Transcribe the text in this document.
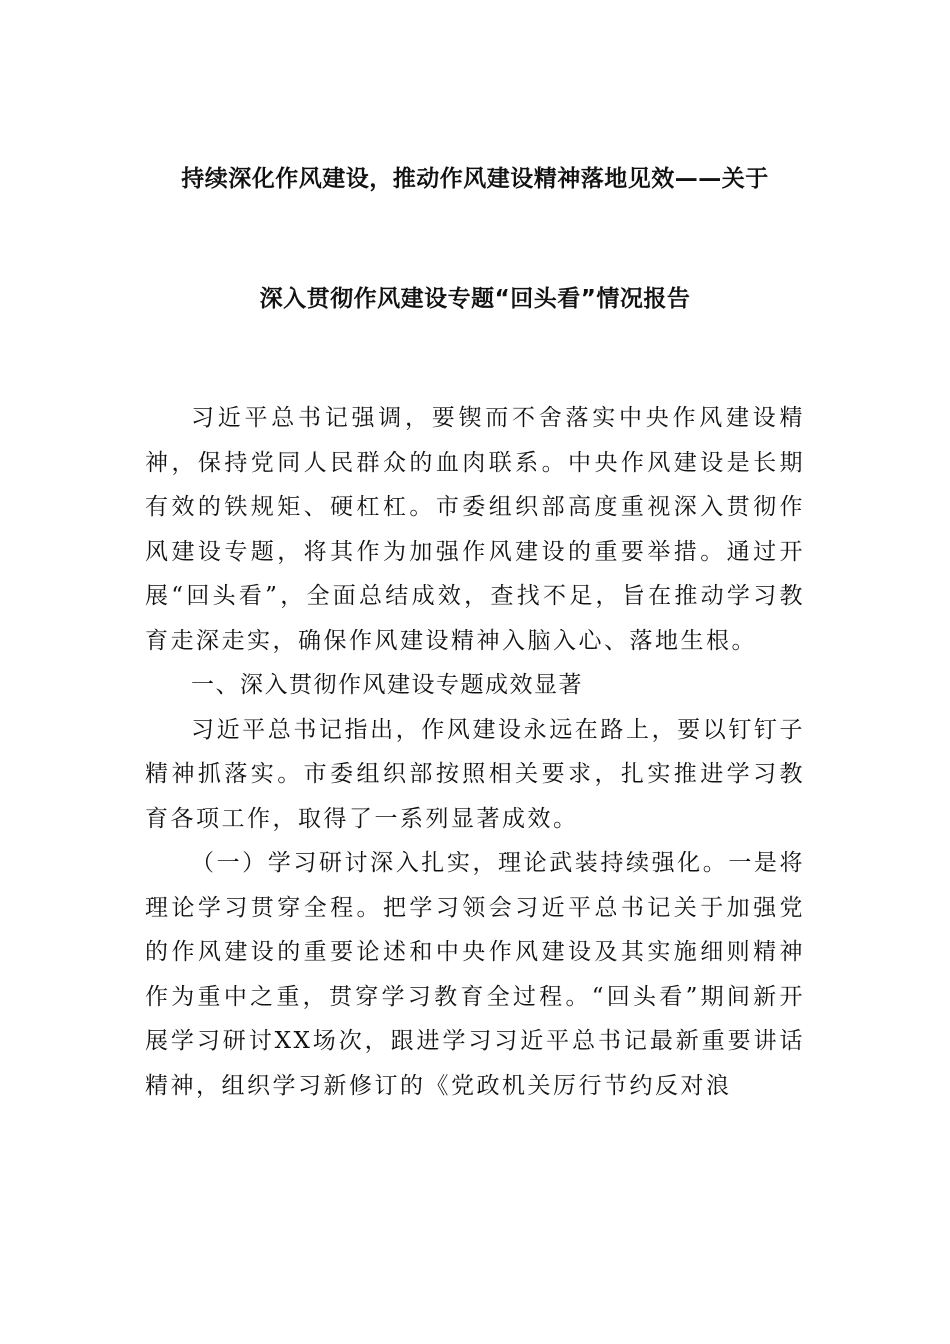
持续深化作风建设，推动作风建设精神落地见效——关于
深入贯彻作风建设专题“回头看”情况报告

习近平总书记强调，要锲而不舍落实中央作风建设精神，保持党同人民群众的血肉联系。中央作风建设是长期有效的铁规矩、硬杠杠。市委组织部高度重视深入贯彻作风建设专题，将其作为加强作风建设的重要举措。通过开展“回头看”，全面总结成效，查找不足，旨在推动学习教育走深走实，确保作风建设精神入脑入心、落地生根。

一、深入贯彻作风建设专题成效显著

习近平总书记指出，作风建设永远在路上，要以钉钉子精神抓落实。市委组织部按照相关要求，扎实推进学习教育各项工作，取得了一系列显著成效。

（一）学习研讨深入扎实，理论武装持续强化。一是将理论学习贯穿全程。把学习领会习近平总书记关于加强党的作风建设的重要论述和中央作风建设及其实施细则精神作为重中之重，贯穿学习教育全过程。“回头看”期间新开展学习研讨XX场次，跟进学习习近平总书记最新重要讲话精神，组织学习新修订的《党政机关厉行节约反对浪
